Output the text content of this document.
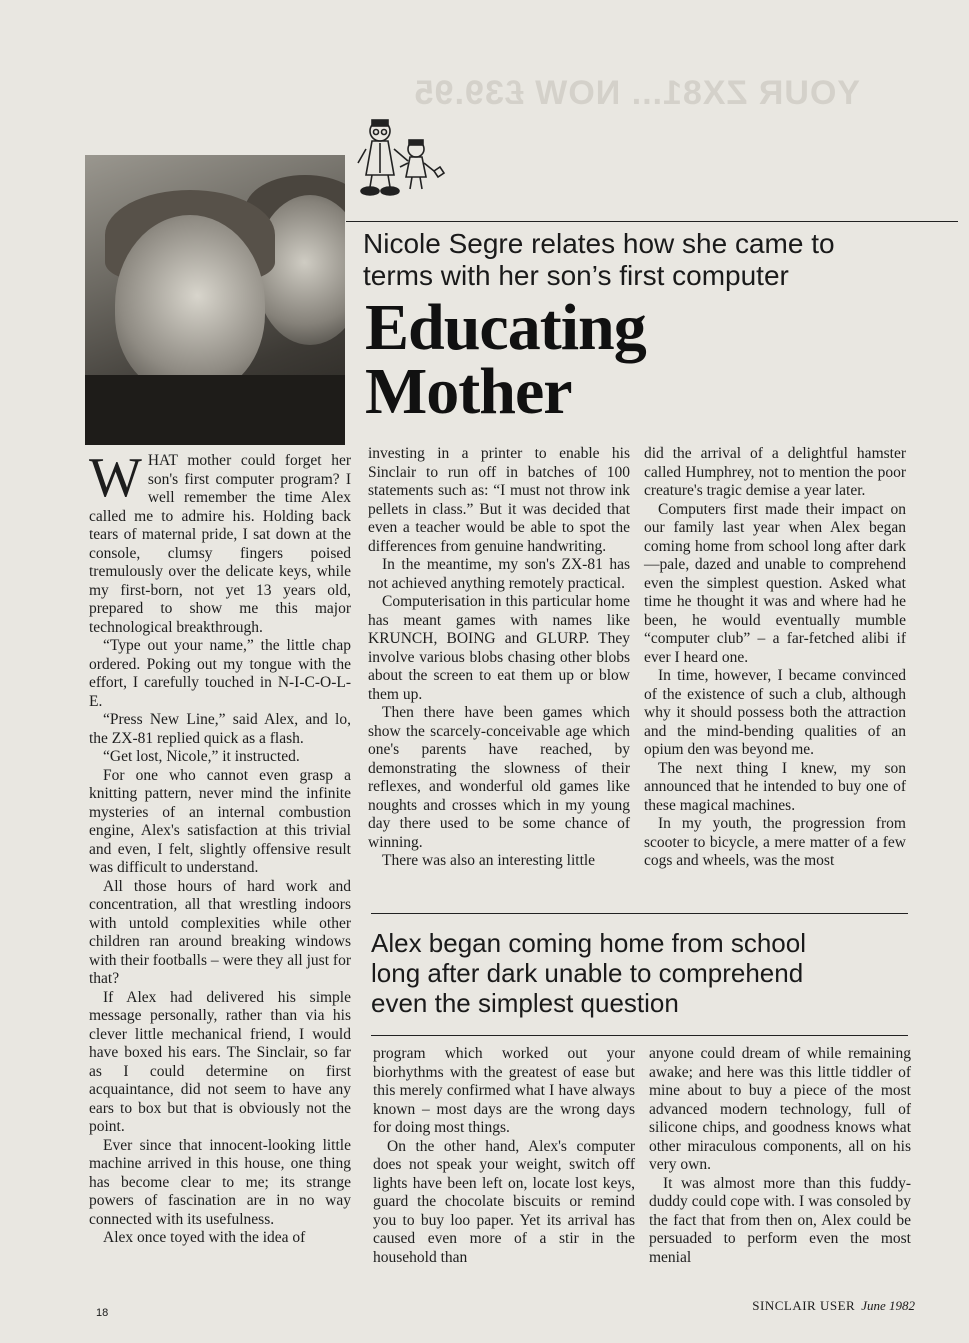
YOUR ZX81... NOW £39.95
Nicole Segre relates how she came to
terms with her son’s first computer
Educating
Mother

WHAT mother could forget her son's first computer program? I well remember the time Alex called me to admire his. Holding back tears of maternal pride, I sat down at the console, clumsy fingers poised tremulously over the delicate keys, while my first-born, not yet 13 years old, prepared to show me this major technological breakthrough.

“Type out your name,” the little chap ordered. Poking out my tongue with the effort, I carefully touched in N-I-C-O-L-E.

“Press New Line,” said Alex, and lo, the ZX-81 replied quick as a flash.

“Get lost, Nicole,” it instructed.

For one who cannot even grasp a knitting pattern, never mind the infinite mysteries of an internal combustion engine, Alex's satisfaction at this trivial and even, I felt, slightly offensive result was difficult to understand.

All those hours of hard work and concentration, all that wrestling indoors with untold complexities while other children ran around breaking windows with their footballs – were they all just for that?

If Alex had delivered his simple message personally, rather than via his clever little mechanical friend, I would have boxed his ears. The Sinclair, so far as I could determine on first acquaintance, did not seem to have any ears to box but that is obviously not the point.

Ever since that innocent-looking little machine arrived in this house, one thing has become clear to me; its strange powers of fascination are in no way connected with its usefulness.

Alex once toyed with the idea of

investing in a printer to enable his Sinclair to run off in batches of 100 statements such as: “I must not throw ink pellets in class.” But it was decided that even a teacher would be able to spot the differences from genuine handwriting.

In the meantime, my son's ZX-81 has not achieved anything remotely practical.

Computerisation in this particular home has meant games with names like KRUNCH, BOING and GLURP. They involve various blobs chasing other blobs about the screen to eat them up or blow them up.

Then there have been games which show the scarcely-conceivable age which one's parents have reached, by demonstrating the slowness of their reflexes, and wonderful old games like noughts and crosses which in my young day there used to be some chance of winning.

There was also an interesting little

did the arrival of a delightful hamster called Humphrey, not to mention the poor creature's tragic demise a year later.

Computers first made their impact on our family last year when Alex began coming home from school long after dark—pale, dazed and unable to comprehend even the simplest question. Asked what time he thought it was and where had he been, he would eventually mumble “computer club” – a far-fetched alibi if ever I heard one.

In time, however, I became convinced of the existence of such a club, although why it should possess both the attraction and the mind-bending qualities of an opium den was beyond me.

The next thing I knew, my son announced that he intended to buy one of these magical machines.

In my youth, the progression from scooter to bicycle, a mere matter of a few cogs and wheels, was the most

Alex began coming home from school
long after dark unable to comprehend
even the simplest question

program which worked out your biorhythms with the greatest of ease but this merely confirmed what I have always known – most days are the wrong days for doing most things.

On the other hand, Alex's computer does not speak your weight, switch off lights have been left on, locate lost keys, guard the chocolate biscuits or remind you to buy loo paper. Yet its arrival has caused even more of a stir in the household than

anyone could dream of while remaining awake; and here was this little tiddler of mine about to buy a piece of the most advanced modern technology, full of silicone chips, and goodness knows what other miraculous components, all on his very own.

It was almost more than this fuddy-duddy could cope with. I was consoled by the fact that from then on, Alex could be persuaded to perform even the most menial

18	SINCLAIR USER June 1982
